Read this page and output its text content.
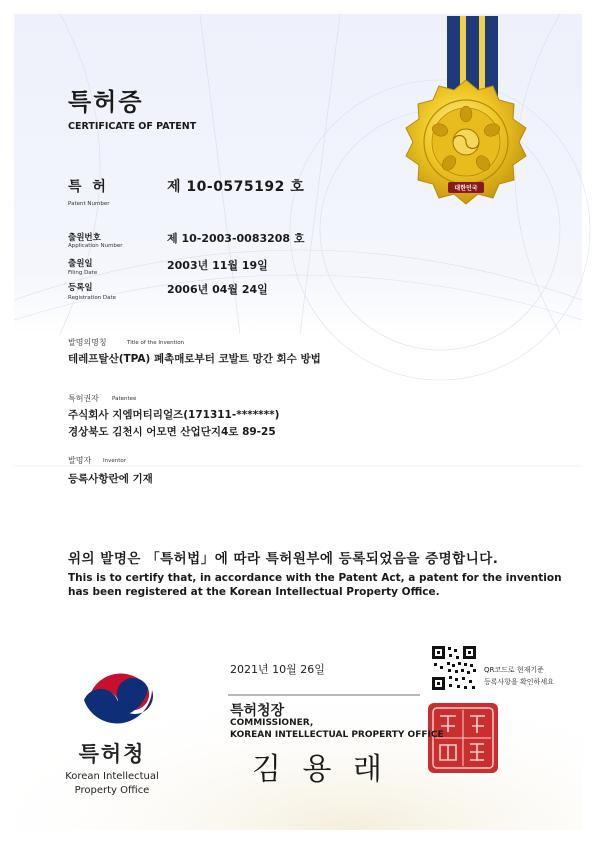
특허증
CERTIFICATE OF PATENT
대한민국
특 허
Patent Number
제 10-0575192 호
출원번호
Application Number
제 10-2003-0083208 호
출원일
Filing Date
2003년 11월 19일
등록일
Registration Date
2006년 04월 24일
발명의명칭	Title of the Invention
테레프탈산(TPA) 폐촉매로부터 코발트 망간 회수 방법
특허권자 Patentee
주식회사 지엠머티리얼즈(171311-*******)
경상북도 김천시 어모면 산업단지4로 89-25
발명자 Inventor
등록사항란에 기재
위의 발명은 「특허법」에 따라 특허원부에 등록되었음을 증명합니다.
This is to certify that, in accordance with the Patent Act, a patent for the invention
has been registered at the Korean Intellectual Property Office.
2021년 10월 26일	QR코드로 현재기준
등록사항을 확인하세요
특허청장
COMMISSIONER,
KOREAN INTELLECTUAL PROPERTY OFFICE
김 용 래
특허청
Korean Intellectual
Property Office
